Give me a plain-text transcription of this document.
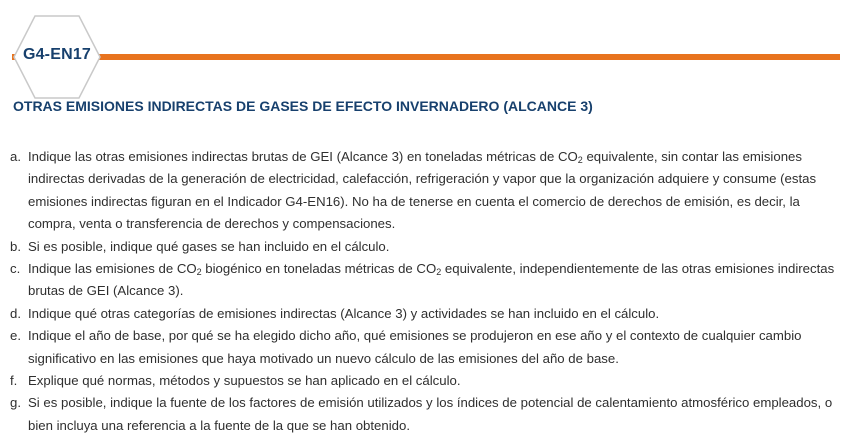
G4-EN17
OTRAS EMISIONES INDIRECTAS DE GASES DE EFECTO INVERNADERO (ALCANCE 3)
a. Indique las otras emisiones indirectas brutas de GEI (Alcance 3) en toneladas métricas de $CO_2$ equivalente, sin contar las emisiones indirectas derivadas de la generación de electricidad, calefacción, refrigeración y vapor que la organización adquiere y consume (estas emisiones indirectas figuran en el Indicador G4-EN16). No ha de tenerse en cuenta el comercio de derechos de emisión, es decir, la compra, venta o transferencia de derechos y compensaciones.
b. Si es posible, indique qué gases se han incluido en el cálculo.
c. Indique las emisiones de $CO_2$ biogénico en toneladas métricas de $CO_2$ equivalente, independientemente de las otras emisiones indirectas brutas de GEI (Alcance 3).
d. Indique qué otras categorías de emisiones indirectas (Alcance 3) y actividades se han incluido en el cálculo.
e. Indique el año de base, por qué se ha elegido dicho año, qué emisiones se produjeron en ese año y el contexto de cualquier cambio significativo en las emisiones que haya motivado un nuevo cálculo de las emisiones del año de base.
f. Explique qué normas, métodos y supuestos se han aplicado en el cálculo.
g. Si es posible, indique la fuente de los factores de emisión utilizados y los índices de potencial de calentamiento atmosférico empleados, o bien incluya una referencia a la fuente de la que se han obtenido.
